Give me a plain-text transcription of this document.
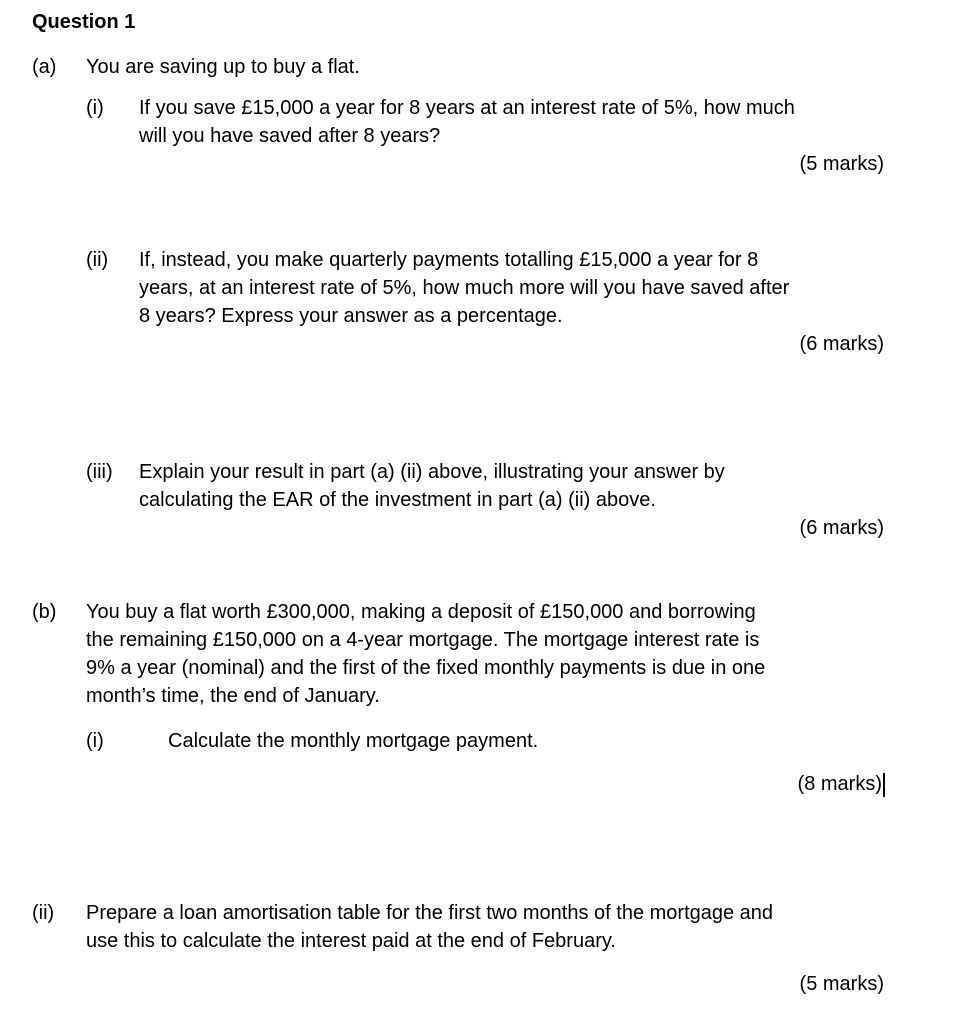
Question 1
(a) You are saving up to buy a flat.
(i) If you save £15,000 a year for 8 years at an interest rate of 5%, how much
will you have saved after 8 years?
(5 marks)
(ii) If, instead, you make quarterly payments totalling £15,000 a year for 8
years, at an interest rate of 5%, how much more will you have saved after
8 years? Express your answer as a percentage.
(6 marks)
(iii) Explain your result in part (a) (ii) above, illustrating your answer by
calculating the EAR of the investment in part (a) (ii) above.
(6 marks)
(b) You buy a flat worth £300,000, making a deposit of £150,000 and borrowing
the remaining £150,000 on a 4-year mortgage. The mortgage interest rate is
9% a year (nominal) and the first of the fixed monthly payments is due in one
month’s time, the end of January.
(i)	Calculate the monthly mortgage payment.
(8 marks)
(ii) Prepare a loan amortisation table for the first two months of the mortgage and
use this to calculate the interest paid at the end of February.
(5 marks)
